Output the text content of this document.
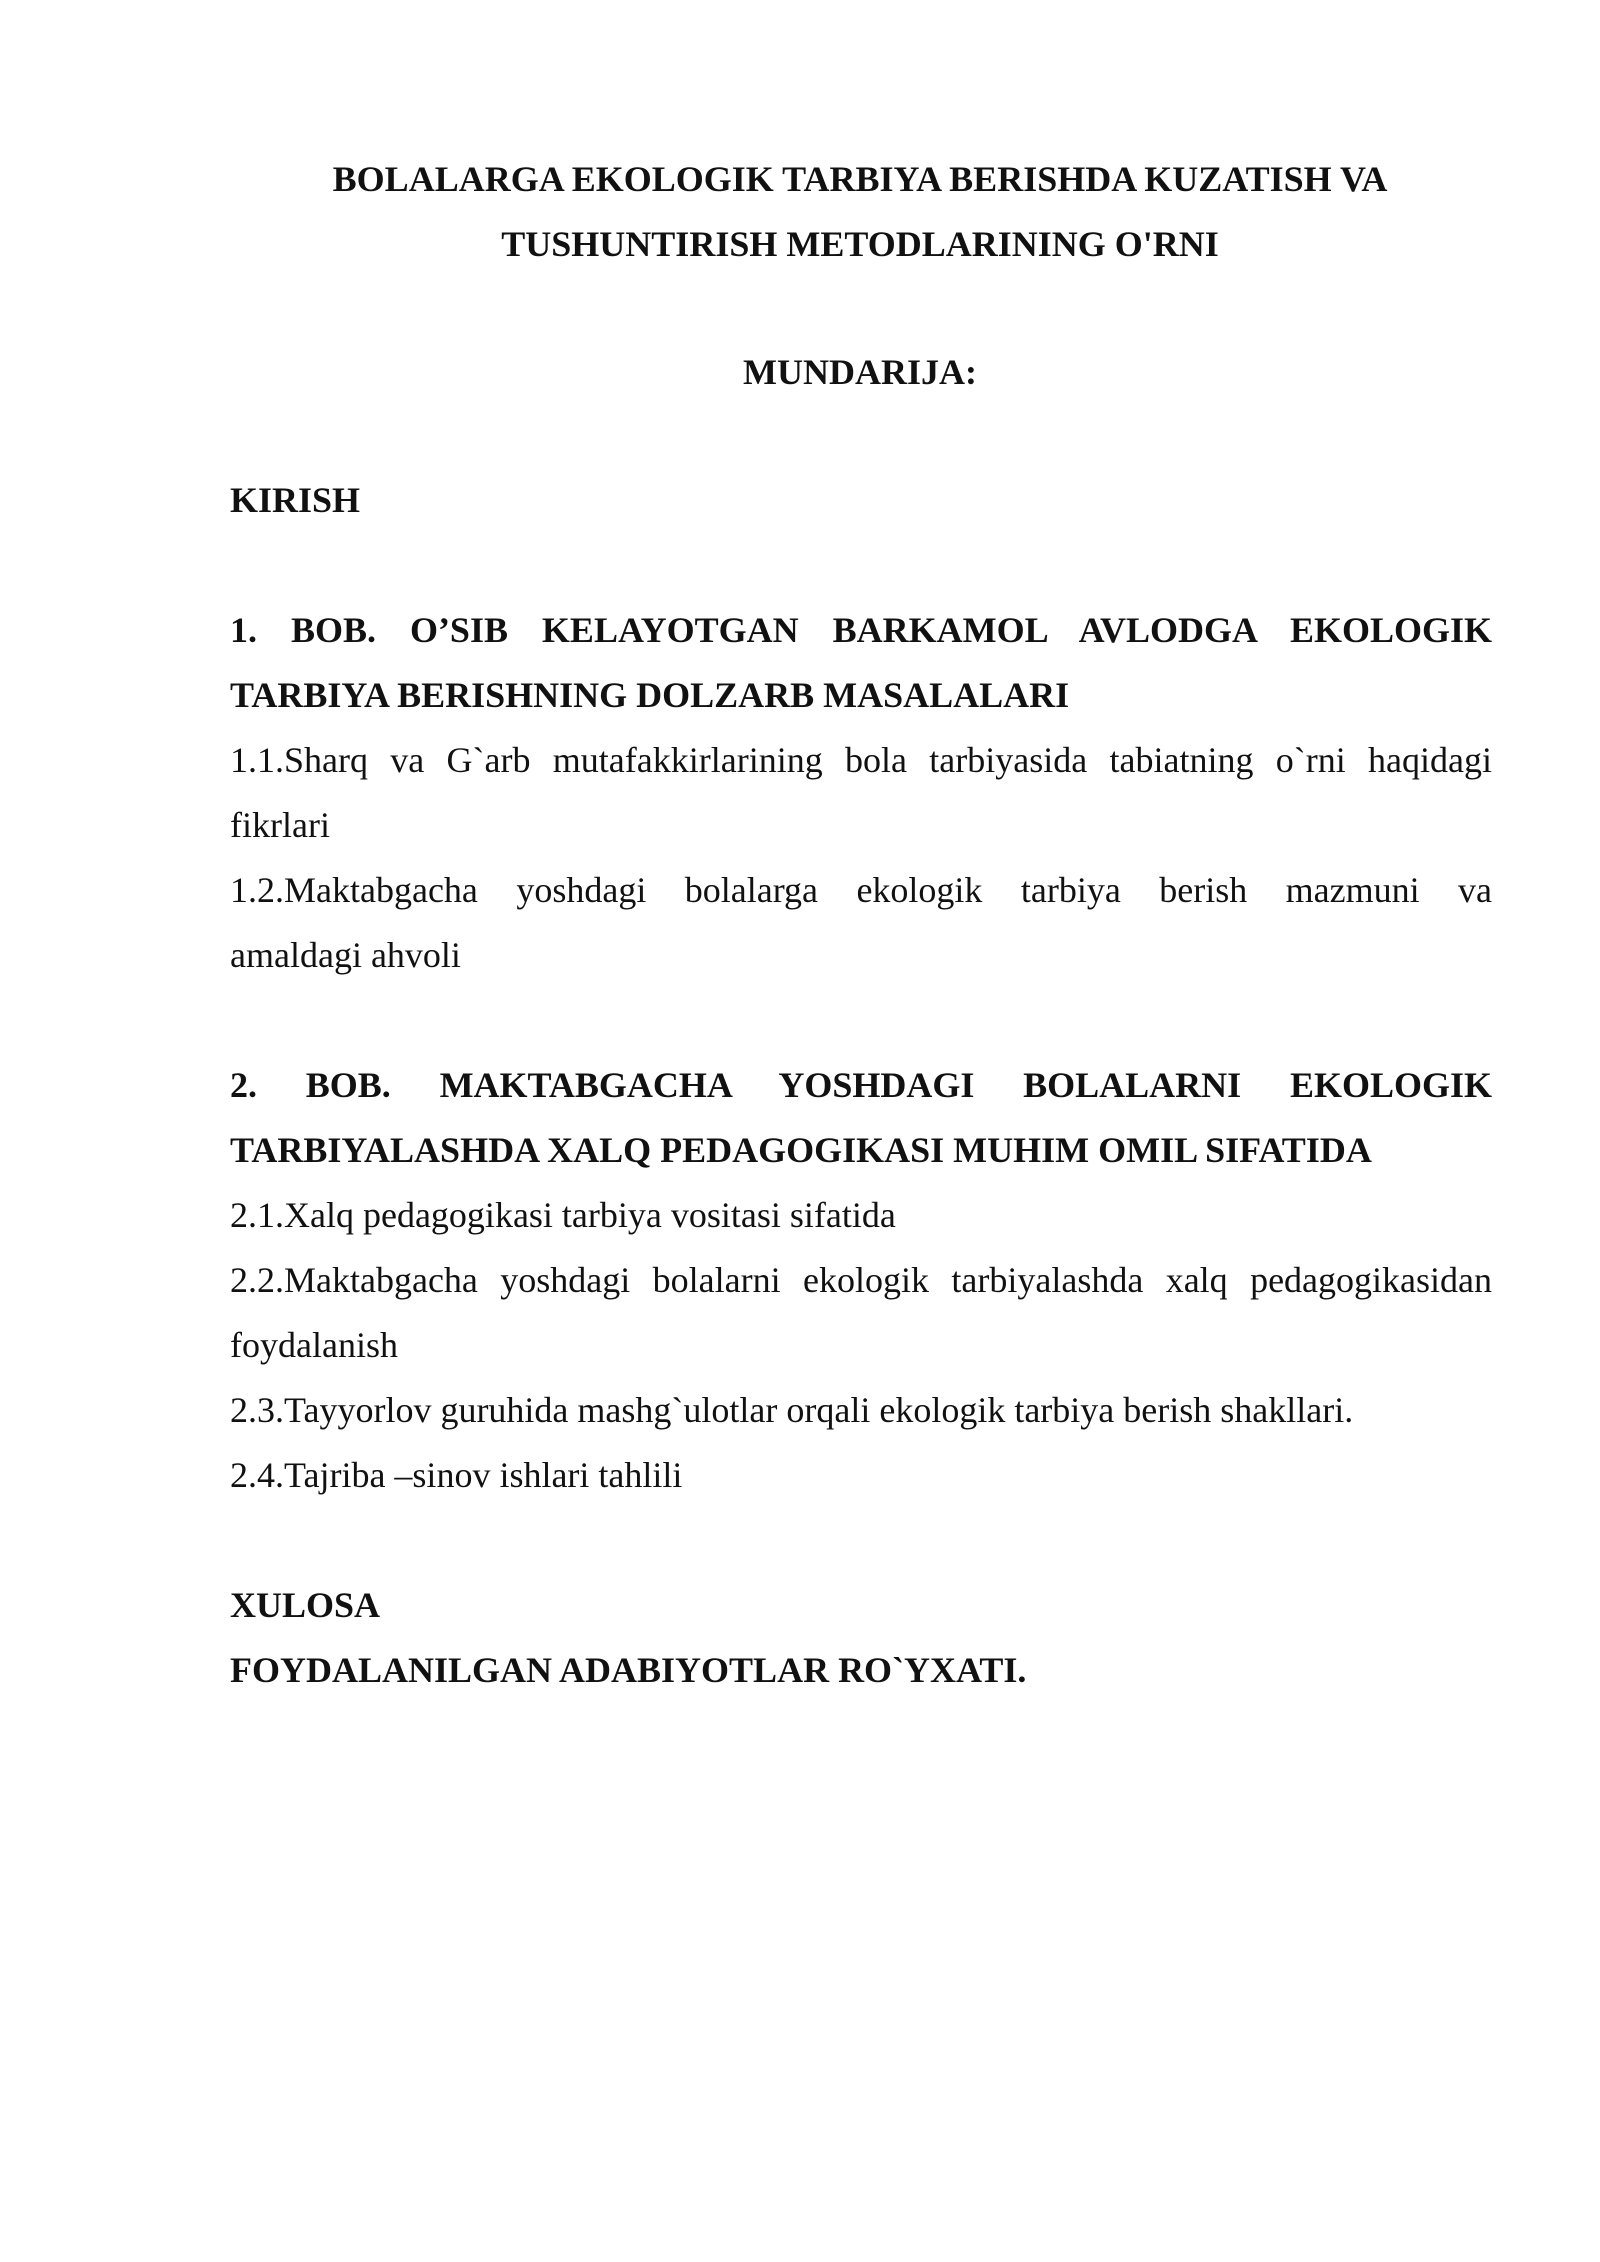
BOLALARGA EKOLOGIK TARBIYA BERISHDA KUZATISH VA
TUSHUNTIRISH METODLARINING O'RNI
MUNDARIJA:
KIRISH
1. BOB. O’SIB KELAYOTGAN BARKAMOL AVLODGA EKOLOGIK
TARBIYA BERISHNING DOLZARB MASALALARI
1.1.Sharq va G`arb mutafakkirlarining bola tarbiyasida tabiatning o`rni haqidagi
fikrlari
1.2.Maktabgacha yoshdagi bolalarga ekologik tarbiya berish mazmuni va
amaldagi ahvoli
2. BOB. MAKTABGACHA YOSHDAGI BOLALARNI EKOLOGIK
TARBIYALASHDA XALQ PEDAGOGIKASI MUHIM OMIL SIFATIDA
2.1.Xalq pedagogikasi tarbiya vositasi sifatida
2.2.Maktabgacha yoshdagi bolalarni ekologik tarbiyalashda xalq pedagogikasidan
foydalanish
2.3.Tayyorlov guruhida mashg`ulotlar orqali ekologik tarbiya berish shakllari.
2.4.Tajriba –sinov ishlari tahlili
XULOSA
FOYDALANILGAN ADABIYOTLAR RO`YXATI.
